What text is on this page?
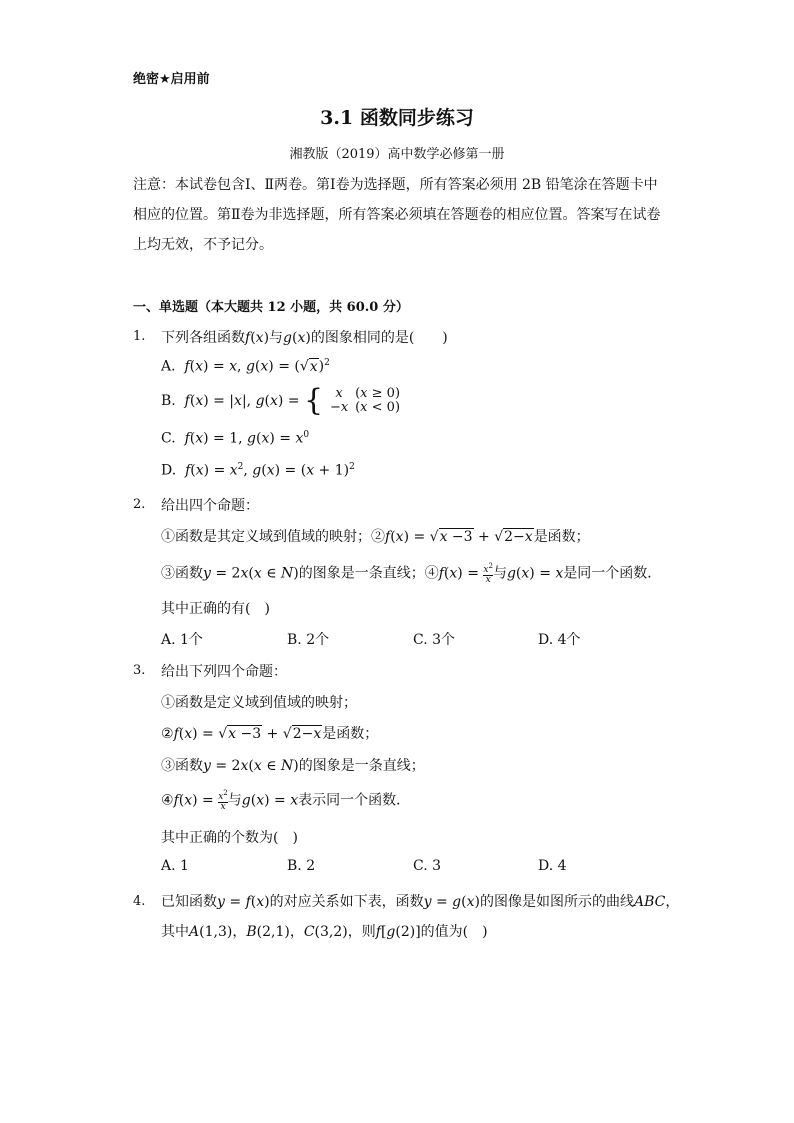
绝密★启用前
3.1 函数同步练习
湘教版（2019）高中数学必修第一册
注意：本试卷包含Ⅰ、Ⅱ两卷。第Ⅰ卷为选择题，所有答案必须用 2B 铅笔涂在答题卡中相应的位置。第Ⅱ卷为非选择题，所有答案必须填在答题卷的相应位置。答案写在试卷上均无效，不予记分。
一、单选题（本大题共 12 小题，共 60.0 分）
1. 下列各组函数f(x)与g(x)的图象相同的是(　　)
A. f(x) = x, $g(x) = (√x)^2$
B. f(x) = |x|, g(x) = { x (x ≥ 0)
−x (x < 0)
C. f(x) = 1, $g(x) = x^0$
D. $f(x) = x^2$, $g(x) = (x + 1)^2$
2. 给出四个命题：
①函数是其定义域到值域的映射；②f(x) = √x −3 + √2−x是函数；
③函数y = 2x(x ∈ N)的图象是一条直线；④f(x) = $\frac{x^2}{x}$ 与g(x) = x是同一个函数．
其中正确的有(　)
A. 1个	B. 2个	C. 3个	D. 4个
3. 给出下列四个命题：
①函数是定义域到值域的映射；
②f(x) = √x −3 + √2−x是函数；
③函数y = 2x(x ∈ N)的图象是一条直线；
④f(x) = $\frac{x^2}{x}$ 与g(x) = x表示同一个函数．
其中正确的个数为(　)
A. 1	B. 2	C. 3	D. 4
4. 已知函数y = f(x)的对应关系如下表，函数y = g(x)的图像是如图所示的曲线ABC，
其中A(1,3)，B(2,1)，C(3,2)，则f[g(2)]的值为(　)
